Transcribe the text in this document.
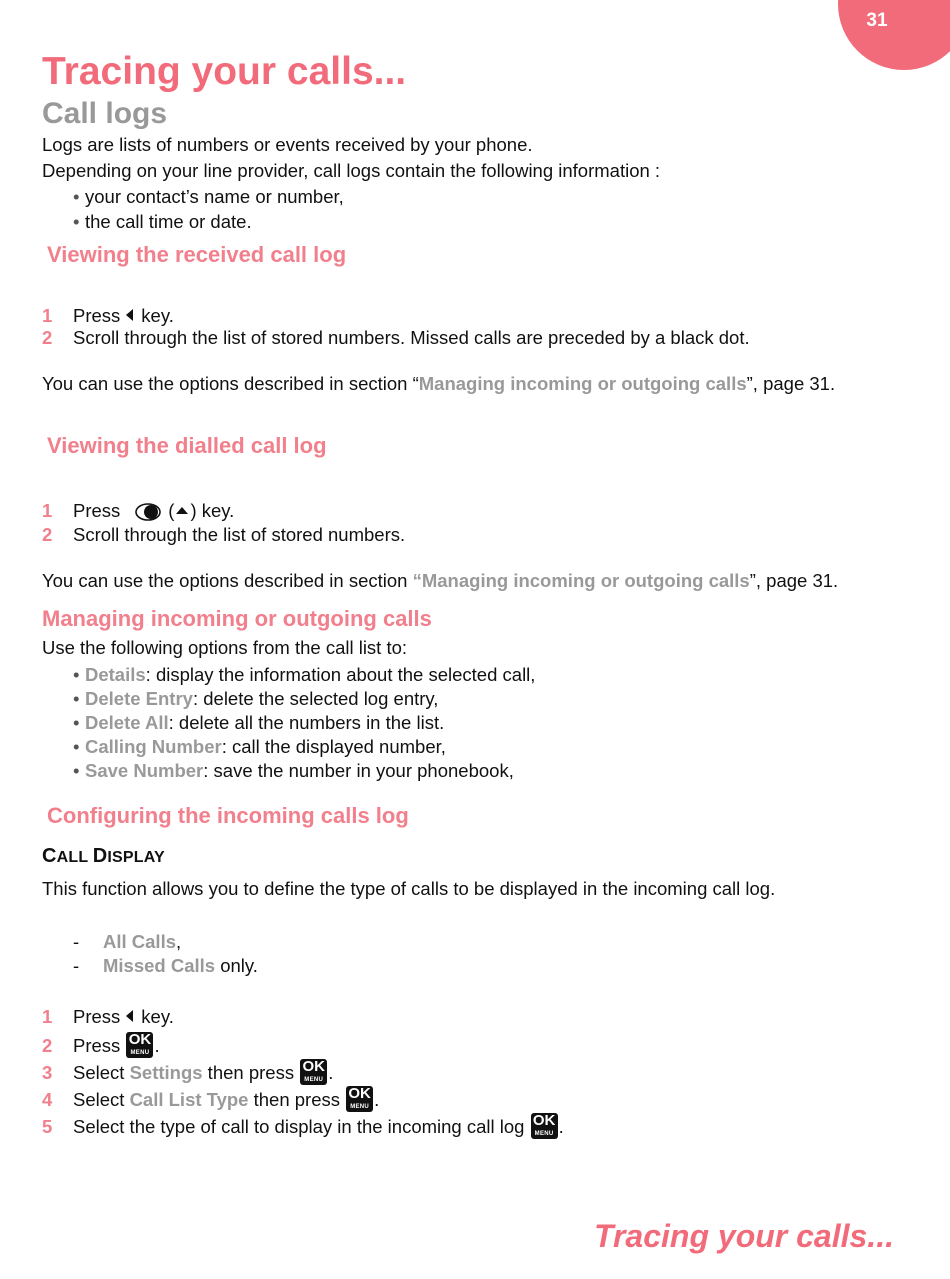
31
Tracing your calls...
Call logs
Logs are lists of numbers or events received by your phone.
Depending on your line provider, call logs contain the following information :
• your contact’s name or number,
• the call time or date.
Viewing the received call log
1 Press key.
2 Scroll through the list of stored numbers. Missed calls are preceded by a black dot.
You can use the options described in section “Managing incoming or outgoing calls”, page 31.
Viewing the dialled call log
1 Press	( ) key.
2 Scroll through the list of stored numbers.
You can use the options described in section “Managing incoming or outgoing calls”, page 31.
Managing incoming or outgoing calls
Use the following options from the call list to:
• Details: display the information about the selected call,
• Delete Entry: delete the selected log entry,
• Delete All: delete all the numbers in the list.
• Calling Number: call the displayed number,
• Save Number: save the number in your phonebook,
Configuring the incoming calls log
CALL DISPLAY
This function allows you to define the type of calls to be displayed in the incoming call log.
- All Calls,
- Missed Calls only.
1 Press key.
2 Press OK
MENU .
3 Select Settings then press OK
MENU .
4 Select Call List Type then press OK
MENU .
5 Select the type of call to display in the incoming call log OK
MENU .
Tracing your calls...
